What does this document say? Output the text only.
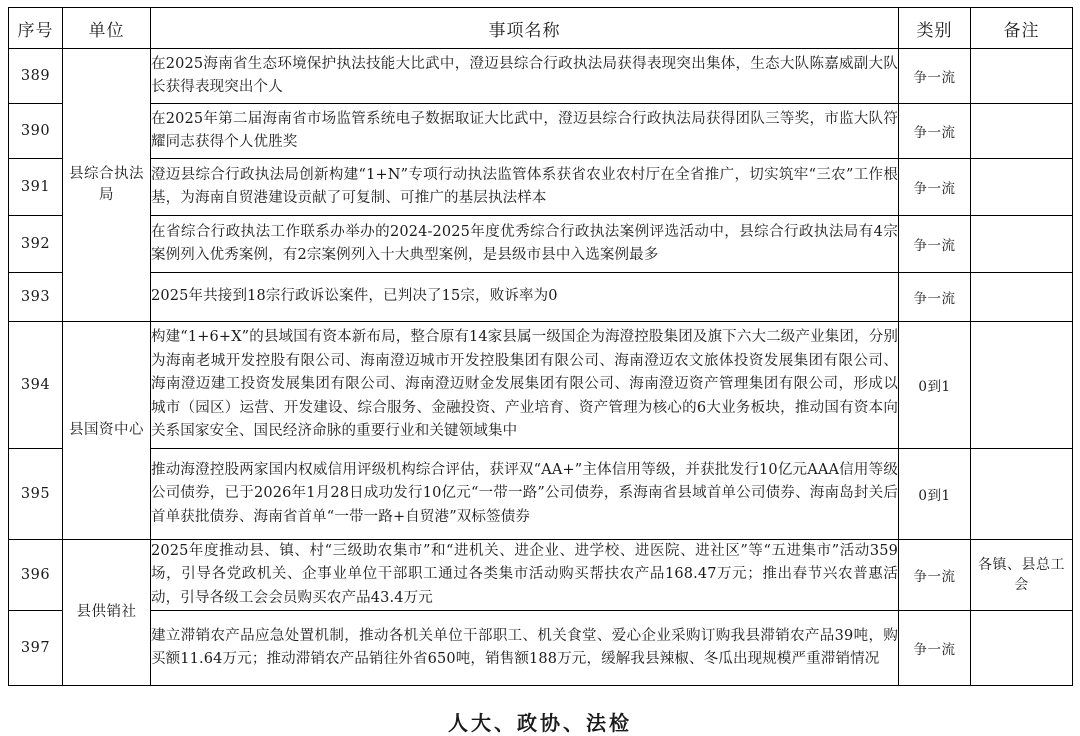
序号	单位	事项名称	类别	备注
389	县综合执法局	在2025海南省生态环境保护执法技能大比武中，澄迈县综合行政执法局获得表现突出集体，生态大队陈嘉威副大队长获得表现突出个人	争一流	
390		在2025年第二届海南省市场监管系统电子数据取证大比武中，澄迈县综合行政执法局获得团队三等奖，市监大队符耀同志获得个人优胜奖	争一流	
391		澄迈县综合行政执法局创新构建“1+N”专项行动执法监管体系获省农业农村厅在全省推广，切实筑牢“三农”工作根基，为海南自贸港建设贡献了可复制、可推广的基层执法样本	争一流	
392		在省综合行政执法工作联系办举办的2024-2025年度优秀综合行政执法案例评选活动中，县综合行政执法局有4宗案例列入优秀案例，有2宗案例列入十大典型案例，是县级市县中入选案例最多	争一流	
393		2025年共接到18宗行政诉讼案件，已判决了15宗，败诉率为0	争一流	
394	县国资中心	构建“1+6+X”的县域国有资本新布局，整合原有14家县属一级国企为海澄控股集团及旗下六大二级产业集团，分别为海南老城开发控股有限公司、海南澄迈城市开发控股集团有限公司、海南澄迈农文旅体投资发展集团有限公司、海南澄迈建工投资发展集团有限公司、海南澄迈财金发展集团有限公司、海南澄迈资产管理集团有限公司，形成以城市（园区）运营、开发建设、综合服务、金融投资、产业培育、资产管理为核心的6大业务板块，推动国有资本向关系国家安全、国民经济命脉的重要行业和关键领域集中	0到1	
395		推动海澄控股两家国内权威信用评级机构综合评估，获评双“AA+”主体信用等级，并获批发行10亿元AAA信用等级公司债券，已于2026年1月28日成功发行10亿元“一带一路”公司债券，系海南省县域首单公司债券、海南岛封关后首单获批债券、海南省首单“一带一路+自贸港”双标签债券	0到1	
396	县供销社	2025年度推动县、镇、村“三级助农集市”和“进机关、进企业、进学校、进医院、进社区”等“五进集市”活动359场，引导各党政机关、企事业单位干部职工通过各类集市活动购买帮扶农产品168.47万元；推出春节兴农普惠活动，引导各级工会会员购买农产品43.4万元	争一流	各镇、县总工会
397		建立滞销农产品应急处置机制，推动各机关单位干部职工、机关食堂、爱心企业采购订购我县滞销农产品39吨，购买额11.64万元；推动滞销农产品销往外省650吨，销售额188万元，缓解我县辣椒、冬瓜出现规模严重滞销情况	争一流	
人大、政协、法检
